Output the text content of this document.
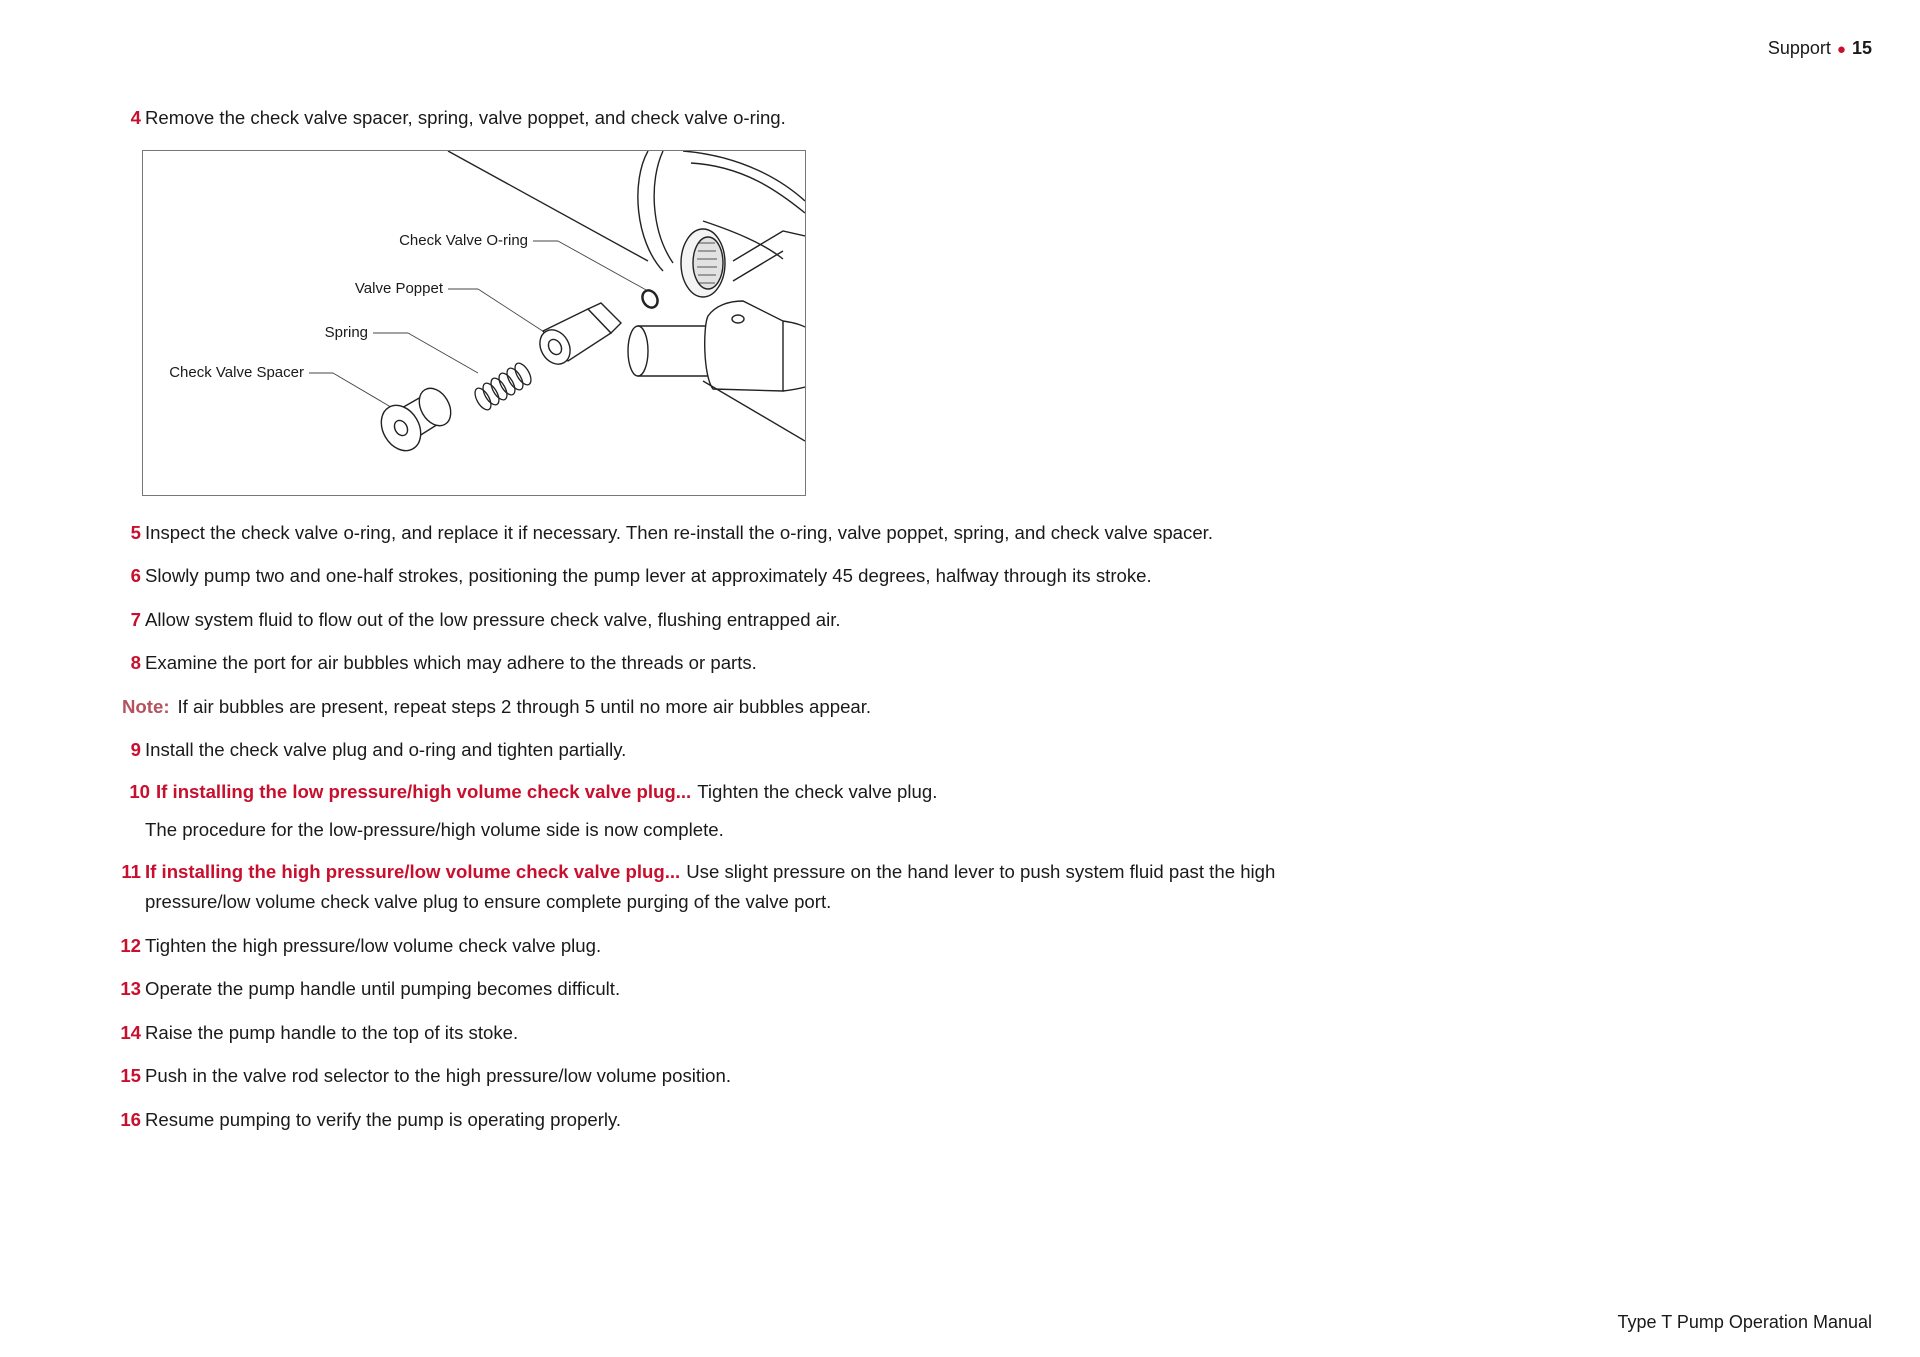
Support ● 15
4 Remove the check valve spacer, spring, valve poppet, and check valve o-ring.
Check Valve O-ring
Valve Poppet
Spring
Check Valve Spacer
5 Inspect the check valve o-ring, and replace it if necessary. Then re-install the o-ring, valve poppet, spring, and check valve spacer.
6 Slowly pump two and one-half strokes, positioning the pump lever at approximately 45 degrees, halfway through its stroke.
7 Allow system fluid to flow out of the low pressure check valve, flushing entrapped air.
8 Examine the port for air bubbles which may adhere to the threads or parts.
Note: If air bubbles are present, repeat steps 2 through 5 until no more air bubbles appear.
9 Install the check valve plug and o-ring and tighten partially.
10 If installing the low pressure/high volume check valve plug... Tighten the check valve plug.
The procedure for the low-pressure/high volume side is now complete.
11 If installing the high pressure/low volume check valve plug... Use slight pressure on the hand lever to push system fluid past the high
pressure/low volume check valve plug to ensure complete purging of the valve port.
12 Tighten the high pressure/low volume check valve plug.
13 Operate the pump handle until pumping becomes difficult.
14 Raise the pump handle to the top of its stoke.
15 Push in the valve rod selector to the high pressure/low volume position.
16 Resume pumping to verify the pump is operating properly.
Type T Pump Operation Manual
